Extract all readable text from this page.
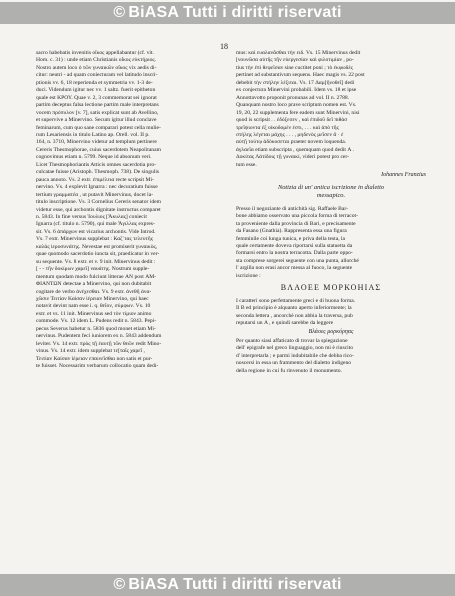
© BiASA Tutti i diritti riservati
18
sacro habebatis invenitis οἶκος appellabantur (cf. vit.
Hom. c. 31) : unde etiam Christianis οἶκος εὐκτήριος.
Nostro autem loco ὁ τῶν γυναικῶν οἶκος vix aedis di-
citur: neutri - ad quam coniecturam vel latitudo inscri-
ptionis vv. 6, 18 reperienda et symmetria vv. 1-3 de-
duci. Videndum igitur nec vv. 1 saltz. fuerit epitheton
quale est ΚΡΟΥ. Quae v. 2, 3 commemorat sei ignorat
partim deceptus falsa lectione partim male interpretans
vocem πρόπυλον [v. 7], satis explicat sunt ab Avellino,
et supervive a Minervino. Secum igitur illud conclave
feminarum, cum quo sane comparari potest cella mulie-
rum Lesariensis in titulo Latino ap. Orell. vol. II p.
164, n. 3710, Minervino videtur ad templum pertinere
Cereris Thesmophorae, cuius sacerdotem Neapolitanam
cognovimus etiam n. 5799. Neque id absonum veri.
Licet Thesmophoriantis Atticis omnes sacerdotia pro-
culcatae fuisse (Aristoph. Thesmoph. 738). De singulis
pauca annoto. Vs. 2 extr. ἐπιμέλεια recte scripsit Mi-
nervino. Vs. 4 explevit Ignarra : nec decuratium fuisse
tertium γραμματέα , ut putavit Minervinus, docet la-
titulo inscriptione. Vs. 3 Cornelius Cereris senator idem
videtur esse, qui archontis dignitate instructus comparet
n. 5843. In fine versus Ἰουλιος [Ἄκυλας] coniecit
Ignarra (cf. titulo n. 5790), qui male Ἄγιλλας expres-
sit. Vs. 6 ἀπάρχων est vicarius archontis. Vide Introd.
Vs. 7 extr. Minervinus supplebat : Καζ᾽τας τελευτῆς
καλὰς ἱεροσυνάτης. Nevestae est promiserit γυναικὸς,
quae quomodo sacerdotio iuncta sit, praedicatur in ver-
su sequente. Vs. 8 extr. et v. 9 init. Minervinus dedit :
[ - - τῆν δοκίμων χαρεῖ] ναυάτης. Nostrum supple-
mentum quodam modo fulciunt litterae ΑΝ post ΑΜ-
ΦΙΑΝΤΩΝ detectae a Minervino, qui non dubitabit
cogitare de verbo ἀνέχεσθαι. Vs. 9 extr. ἀνεθῆ ἀνα-
χῶσιν Τειτίαν Καίσαν ἱέρειαν Minervino, qui haec
notavit devint nam esse i. q. θεῖον, σύμφων. Vs. 10
extr. et vs. 11 init. Minervinus sed τὸν τίμιον animo
commode. Vs. 12 idem L. Pudens redit n. 5843. Pepi-
pecus Severus habetur n. 5836 quod monet etiam Mi-
nervinus. Pudentem feci iuniorem ex n. 5843 addendum
leviter. Vs. 14 extr. πρὸς τῇ ἐαυτῇ τῶν θεῶν redit Mino-
vinus. Vs. 14 extr. idem supplebat τε[ταῖς χαρεῖ ,
Τειτίαν Καίσαν ἱέρειαν επαινεῖσθαι non satis et pur-
te fuisset. Nocessarim verbarum collocatio quam dedi-
mus: καὶ ευαλανᾶσθαι τὴν ειδ. Vs. 15 Minervinus dedit
[νουνῶσα αὐτῆς τῆν εὐεργεσίαν καὶ φιλοτιμίαν , po-
tius τὴν ἐπὶ θεφεῖσαν sine cuctitet poni ; τὸ ἐκφωδὲς
pertinet ad substantivum sequens. Haec magis vs. 22 post
debebit τὴν στήλην λέξιται. Vs. 17 Δαμ[ῆνοθεῖ] dedi
ex conjectura Minervini probabili. Idem vs. 18 et ipse
Annottavotto proponit pronunas ad vol. II n. 2788.
Quanquam nostro loco prave scriptum nomen est. Vs.
19, 20, 22 supplementa fere eadem sunt Minervini, nisi
quod is scripsit . . ἐδόξεσεν , καὶ ἐπιδοῦ δεῖ πιθὰσ
τρεῖψιοντα ἐξ οἰκοδομέν ἐστι, . . . καὶ ἀπὸ τῆς
στήλης λέγεται μάχης . . . , μηδενὸς μεῖσεν ἄ · ἐ
αὐτῇ τούτῳ ἀδόκοσεται praeter novem loquenda.
ἀγλαεῖα etiam subscripta , quemquam quod dedit Α .
Δοκίτας Λάτίδοις τῇ γυναικί, videri potest pro cer-
tum esse.
Iohannes Franzius
Notizia di un' antica iscrizione in dialetto
messapico.
Presso il negoziante di antichità sig. Raffaele Bar-
bone abbiamo osservato una piccola forma di terracot-
ta proveniente dalla provincia di Bari, e precisamente
da Fasano (Gnathia). Rappresenta essa una figura
femminile coi lunga tunica, e priva della testa, la
quale certamente doveva riportarsi sulla statuetta da
formarsi entro la nostra terracotta. Dalla parte oppo-
sta comprese sorgerei seguente con una punta, allorché
l' argilla non erasi ancor messa al fuoco, la seguente
iscrizione :
ΒΛΑΟΕΕ ΜΟΡΚΟΗΙΑΣ
I caratteri sono perfettamente greci e di buona forma.
Il Β ed principio è alquanto aperto inferiormente; la
seconda lettera , ancorchè non abbia la traversa, pub
reputarsi un Α , e quindi sarebbe da leggere
Βλάοες μορκόρηας
Per quanto siasi affaticato di trovar la spiegazione
dell' epigrafe nel greco linguaggio, non mi è riuscito
d' interpretarla ; e parmi indubitabile che debba rico-
noscersi in essa un frammento del dialetto indigeno
della regione in cui fu rinvenuto il monumento.
© BiASA Tutti i diritti riservati
